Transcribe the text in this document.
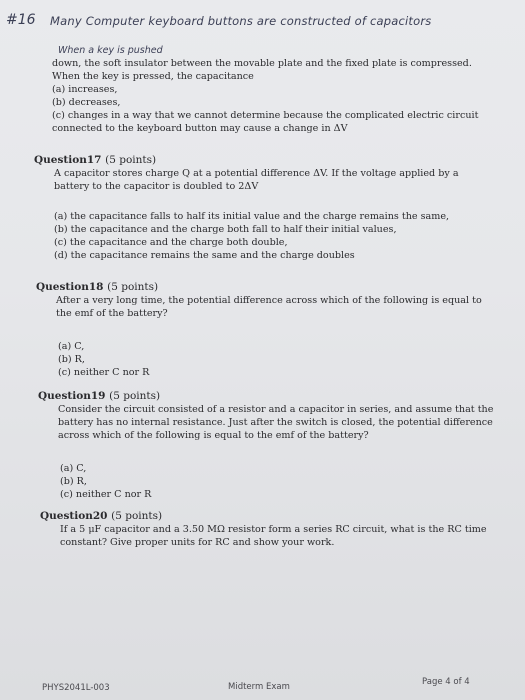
#16 Many Computer keyboard buttons are constructed of capacitors
When a key is pushed
down, the soft insulator between the movable plate and the fixed plate is compressed.
When the key is pressed, the capacitance
(a) increases,
(b) decreases,
(c) changes in a way that we cannot determine because the complicated electric circuit
connected to the keyboard button may cause a change in ΔV
Question17 (5 points)
A capacitor stores charge Q at a potential difference ΔV. If the voltage applied by a
battery to the capacitor is doubled to 2ΔV
(a) the capacitance falls to half its initial value and the charge remains the same,
(b) the capacitance and the charge both fall to half their initial values,
(c) the capacitance and the charge both double,
(d) the capacitance remains the same and the charge doubles
Question18 (5 points)
After a very long time, the potential difference across which of the following is equal to
the emf of the battery?
(a) C,
(b) R,
(c) neither C nor R
Question19 (5 points)
Consider the circuit consisted of a resistor and a capacitor in series, and assume that the
battery has no internal resistance. Just after the switch is closed, the potential difference
across which of the following is equal to the emf of the battery?
(a) C,
(b) R,
(c) neither C nor R
Question20 (5 points)
If a 5 μF capacitor and a 3.50 MΩ resistor form a series RC circuit, what is the RC time
constant? Give proper units for RC and show your work.
PHYS2041L-003	Midterm Exam	Page 4 of 4
